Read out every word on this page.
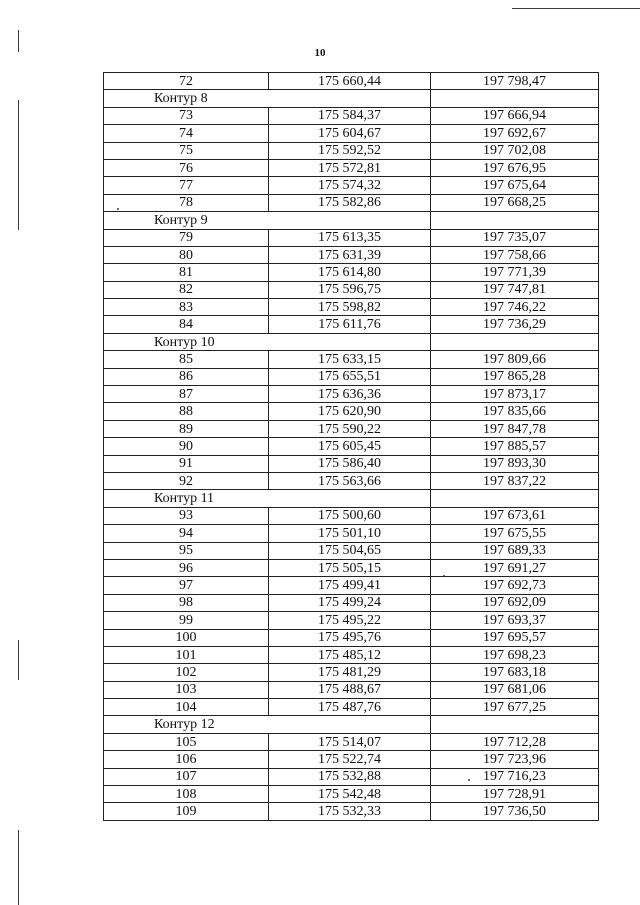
10
72	175 660,44	197 798,47
Контур 8		
73	175 584,37	197 666,94
74	175 604,67	197 692,67
75	175 592,52	197 702,08
76	175 572,81	197 676,95
77	175 574,32	197 675,64
78	175 582,86	197 668,25
Контур 9		
79	175 613,35	197 735,07
80	175 631,39	197 758,66
81	175 614,80	197 771,39
82	175 596,75	197 747,81
83	175 598,82	197 746,22
84	175 611,76	197 736,29
Контур 10		
85	175 633,15	197 809,66
86	175 655,51	197 865,28
87	175 636,36	197 873,17
88	175 620,90	197 835,66
89	175 590,22	197 847,78
90	175 605,45	197 885,57
91	175 586,40	197 893,30
92	175 563,66	197 837,22
Контур 11		
93	175 500,60	197 673,61
94	175 501,10	197 675,55
95	175 504,65	197 689,33
96	175 505,15	197 691,27
97	175 499,41	197 692,73
98	175 499,24	197 692,09
99	175 495,22	197 693,37
100	175 495,76	197 695,57
101	175 485,12	197 698,23
102	175 481,29	197 683,18
103	175 488,67	197 681,06
104	175 487,76	197 677,25
Контур 12		
105	175 514,07	197 712,28
106	175 522,74	197 723,96
107	175 532,88	197 716,23
108	175 542,48	197 728,91
109	175 532,33	197 736,50
